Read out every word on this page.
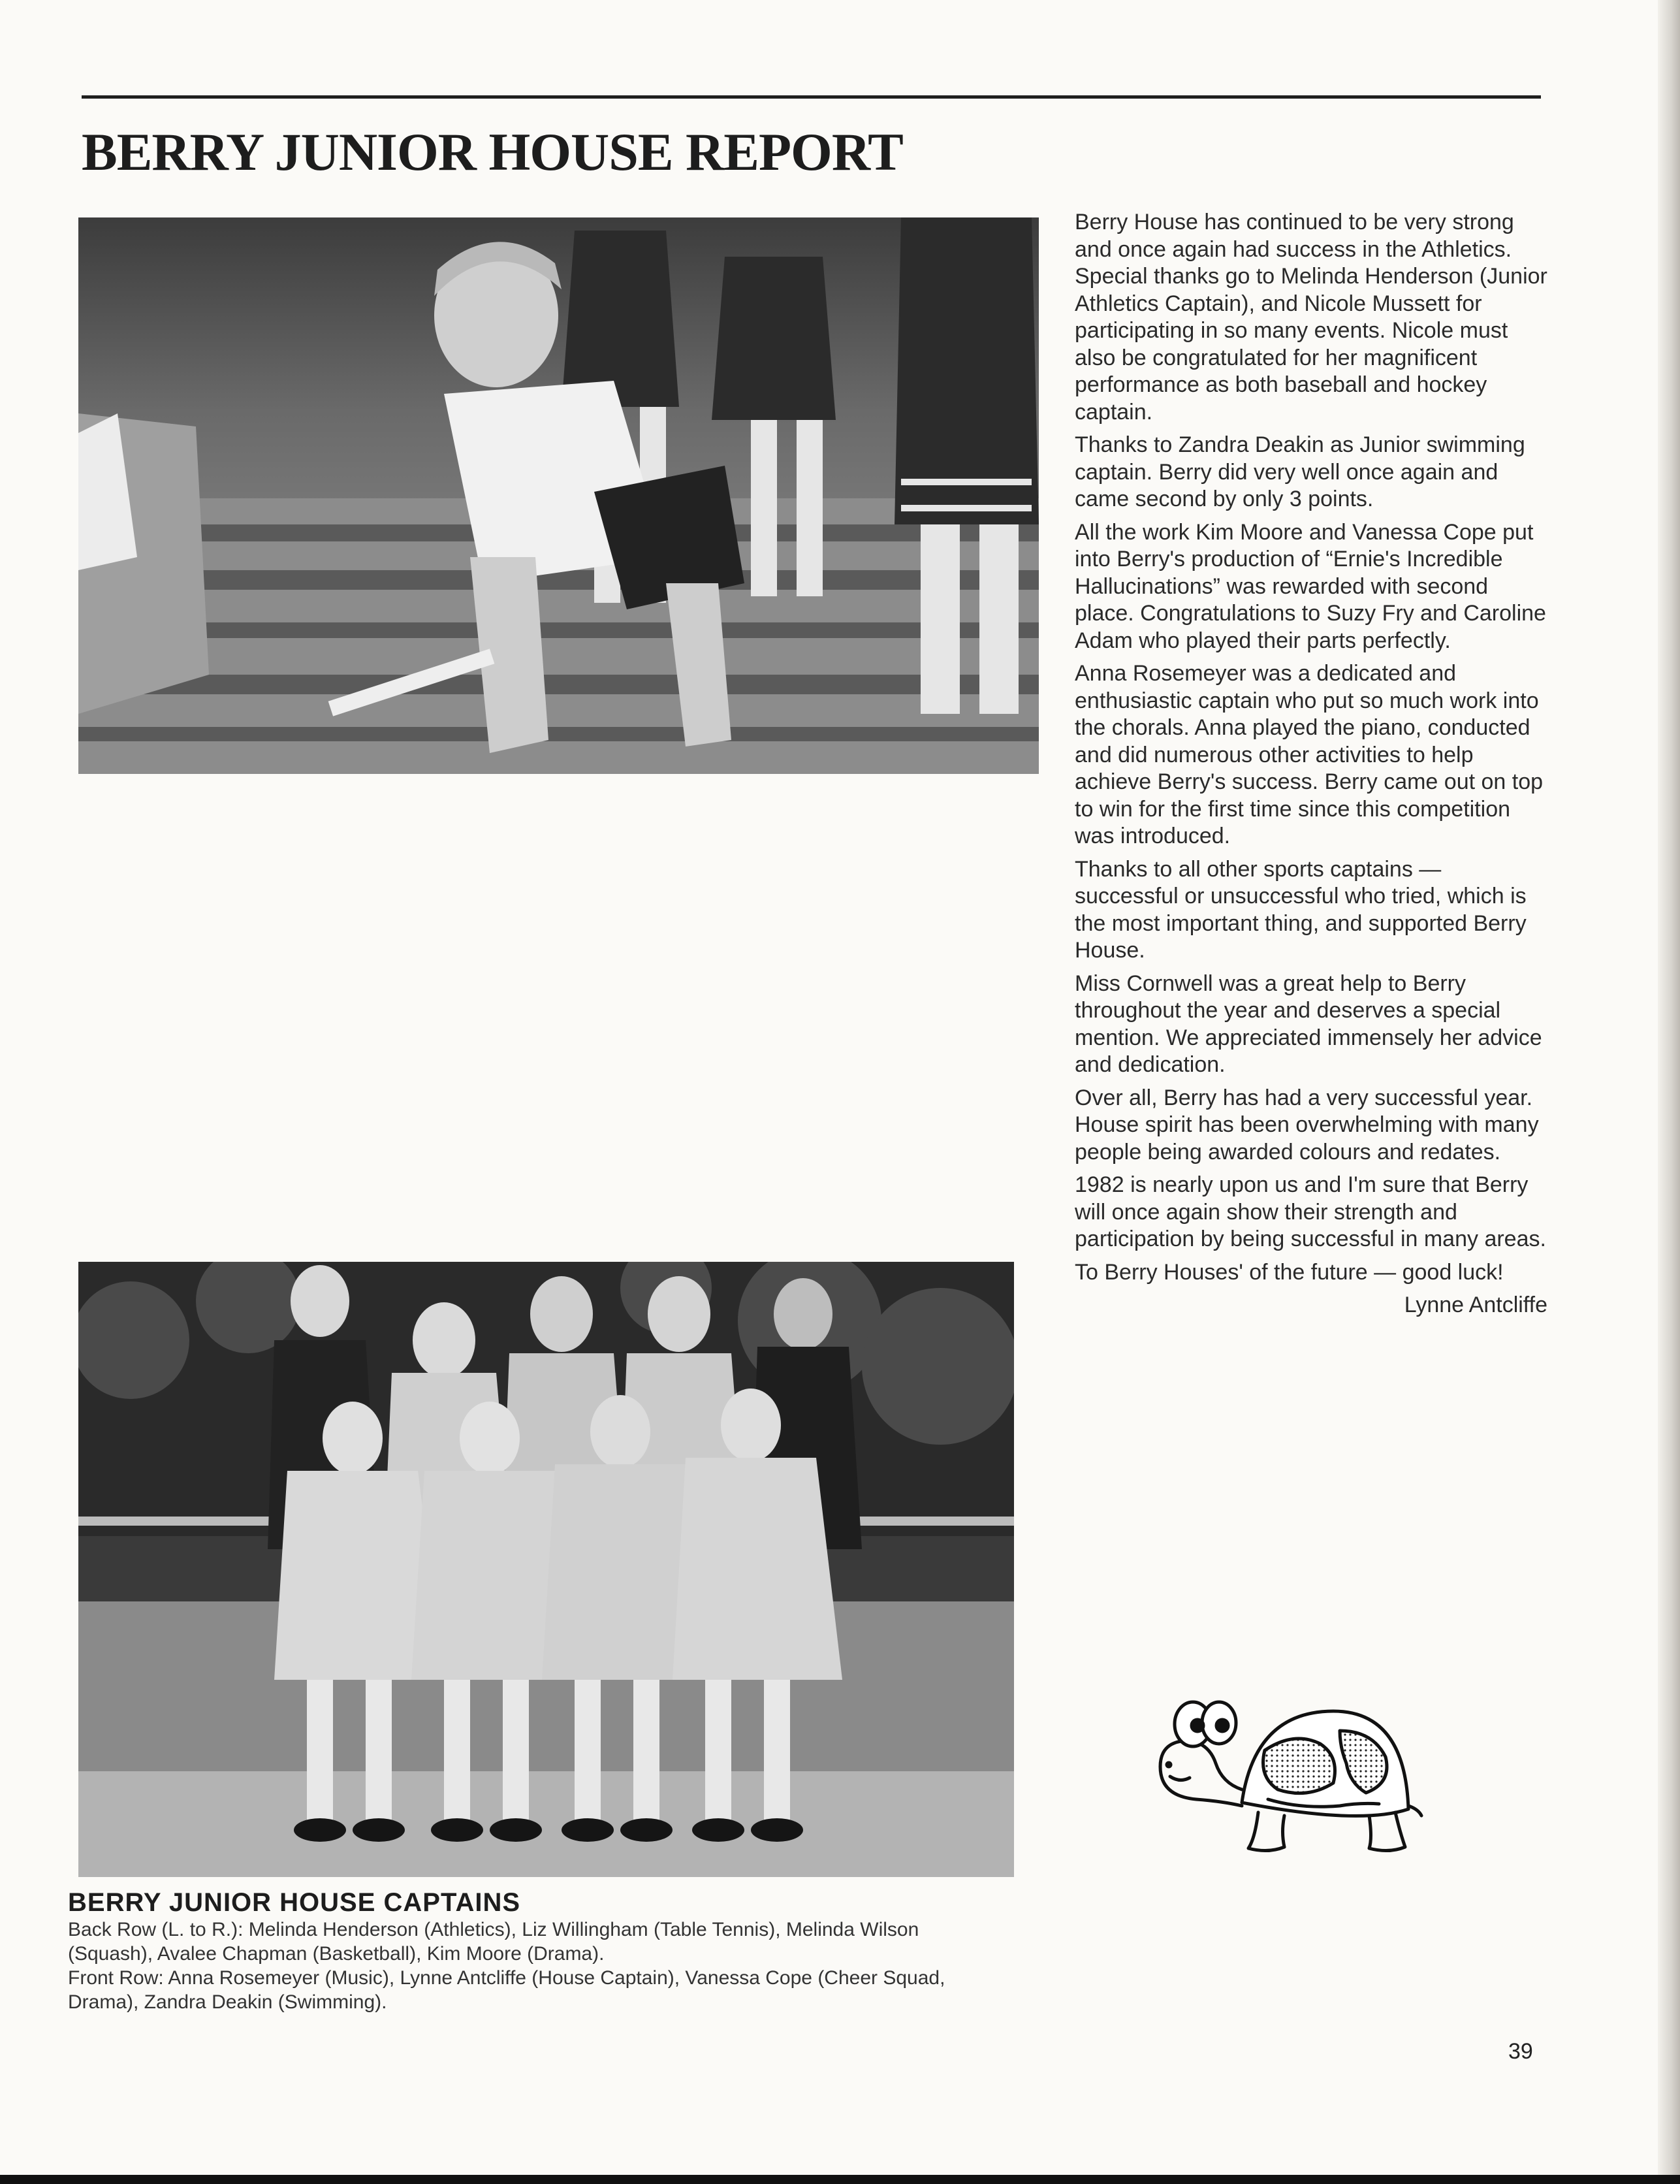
BERRY JUNIOR HOUSE REPORT

Berry House has continued to be very strong and once again had success in the Athletics. Special thanks go to Melinda Henderson (Junior Athletics Captain), and Nicole Mussett for participating in so many events. Nicole must also be congratulated for her magnificent performance as both baseball and hockey captain.

Thanks to Zandra Deakin as Junior swimming captain. Berry did very well once again and came second by only 3 points.

All the work Kim Moore and Vanessa Cope put into Berry's production of “Ernie's Incredible Hallucinations” was rewarded with second place. Congratulations to Suzy Fry and Caroline Adam who played their parts perfectly.

Anna Rosemeyer was a dedicated and enthusiastic captain who put so much work into the chorals. Anna played the piano, conducted and did numerous other activities to help achieve Berry's success. Berry came out on top to win for the first time since this competition was introduced.

Thanks to all other sports captains — successful or unsuccessful who tried, which is the most important thing, and supported Berry House.

Miss Cornwell was a great help to Berry throughout the year and deserves a special mention. We appreciated immensely her advice and dedication.

Over all, Berry has had a very successful year. House spirit has been overwhelming with many people being awarded colours and redates.

1982 is nearly upon us and I'm sure that Berry will once again show their strength and participation by being successful in many areas.

To Berry Houses' of the future — good luck!

Lynne Antcliffe

BERRY JUNIOR HOUSE CAPTAINS

Back Row (L. to R.): Melinda Henderson (Athletics), Liz Willingham (Table Tennis), Melinda Wilson (Squash), Avalee Chapman (Basketball), Kim Moore (Drama).

Front Row: Anna Rosemeyer (Music), Lynne Antcliffe (House Captain), Vanessa Cope (Cheer Squad, Drama), Zandra Deakin (Swimming).

39
